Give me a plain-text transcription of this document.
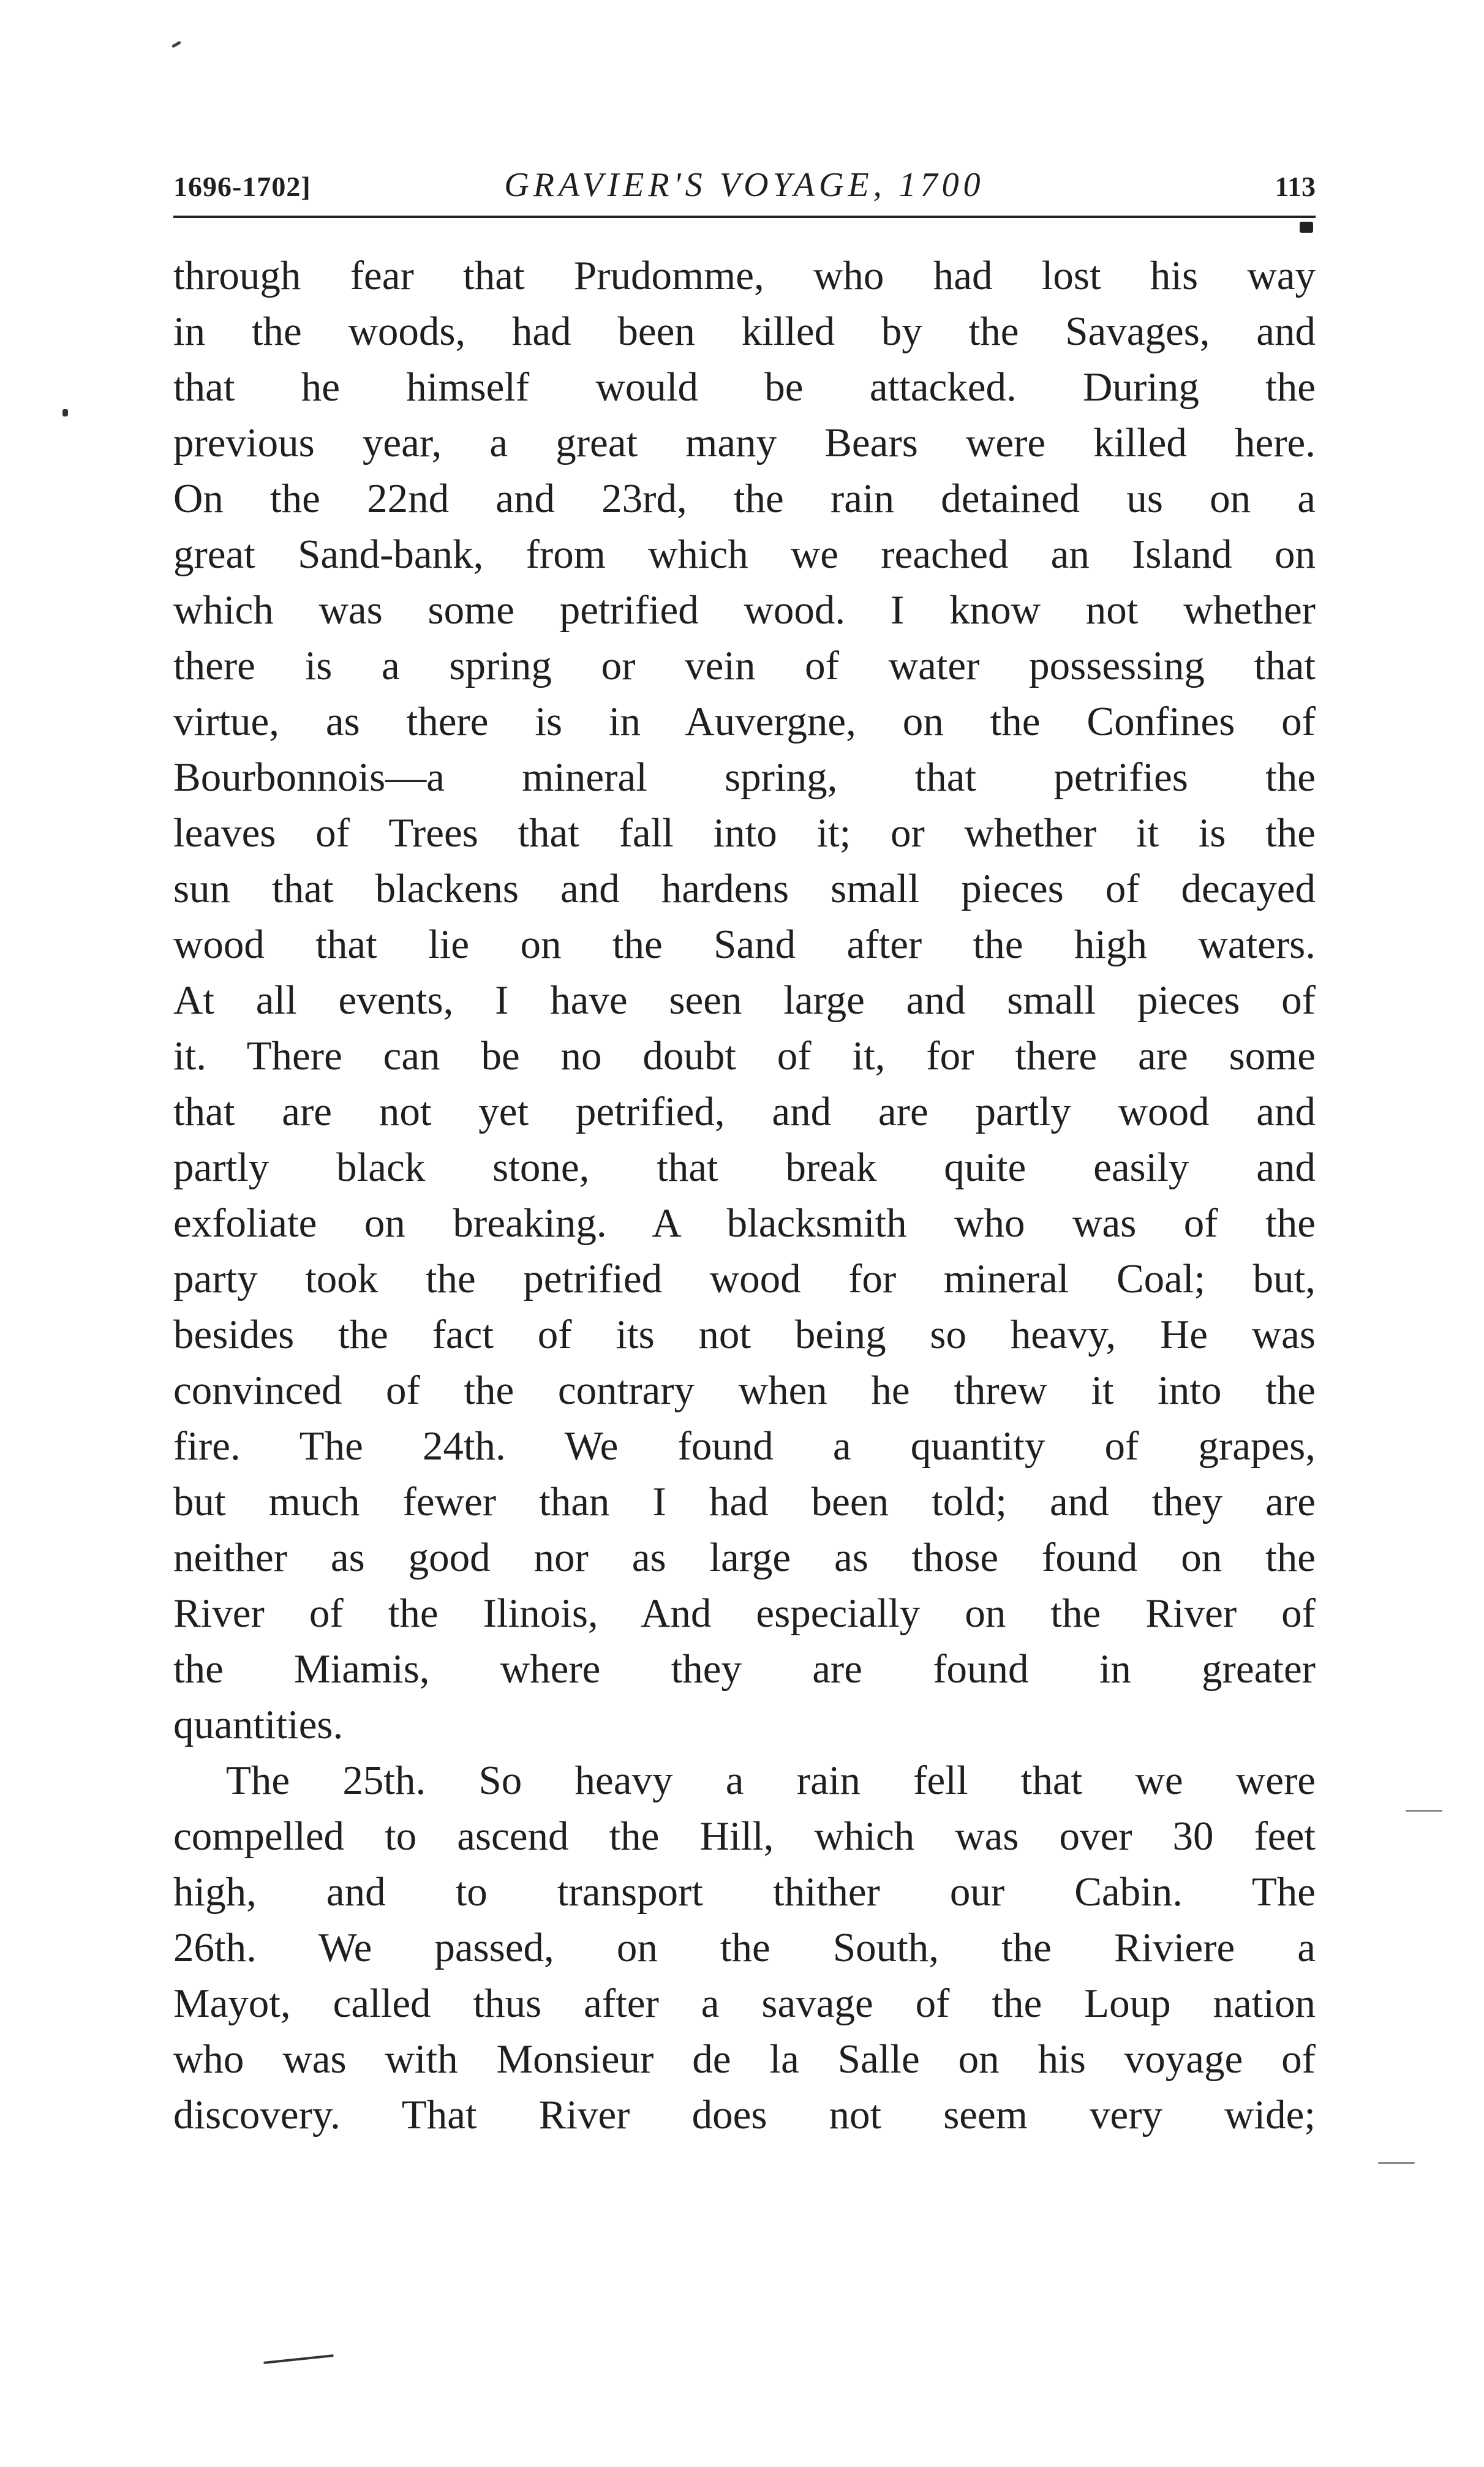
1696-1702]	GRAVIER'S VOYAGE, 1700	113
through fear that Prudomme, who had lost his way
in the woods, had been killed by the Savages, and
that he himself would be attacked. During the
previous year, a great many Bears were killed here.
On the 22nd and 23rd, the rain detained us on a
great Sand-bank, from which we reached an Island on
which was some petrified wood. I know not whether
there is a spring or vein of water possessing that
virtue, as there is in Auvergne, on the Confines of
Bourbonnois—a mineral spring, that petrifies the
leaves of Trees that fall into it; or whether it is the
sun that blackens and hardens small pieces of decayed
wood that lie on the Sand after the high waters.
At all events, I have seen large and small pieces of
it. There can be no doubt of it, for there are some
that are not yet petrified, and are partly wood and
partly black stone, that break quite easily and
exfoliate on breaking. A blacksmith who was of the
party took the petrified wood for mineral Coal; but,
besides the fact of its not being so heavy, He was
convinced of the contrary when he threw it into the
fire. The 24th. We found a quantity of grapes,
but much fewer than I had been told; and they are
neither as good nor as large as those found on the
River of the Ilinois, And especially on the River of
the Miamis, where they are found in greater
quantities.
The 25th. So heavy a rain fell that we were
compelled to ascend the Hill, which was over 30 feet
high, and to transport thither our Cabin. The
26th. We passed, on the South, the Riviere a
Mayot, called thus after a savage of the Loup nation
who was with Monsieur de la Salle on his voyage of
discovery. That River does not seem very wide;
